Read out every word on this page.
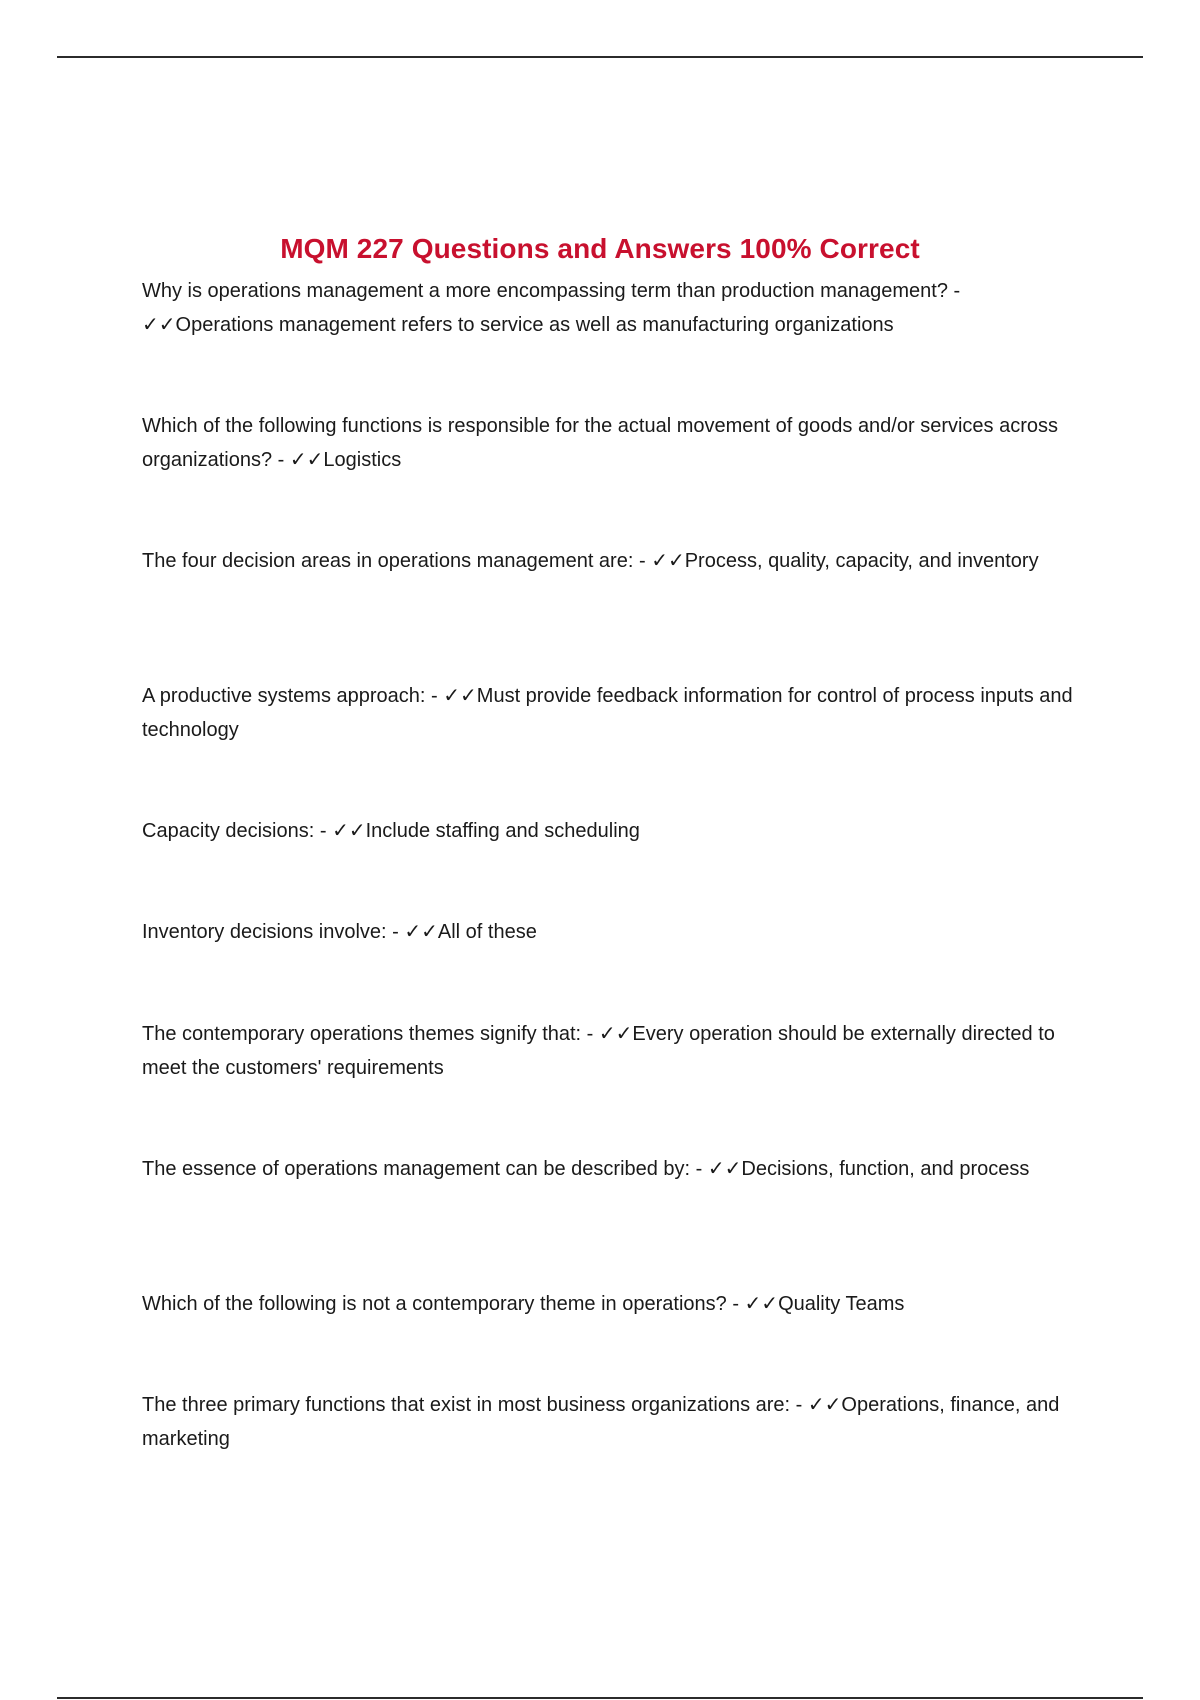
MQM 227 Questions and Answers 100% Correct
Why is operations management a more encompassing term than production management? - ✓✓Operations management refers to service as well as manufacturing organizations
Which of the following functions is responsible for the actual movement of goods and/or services across organizations? - ✓✓Logistics
The four decision areas in operations management are: - ✓✓Process, quality, capacity, and inventory
A productive systems approach: - ✓✓Must provide feedback information for control of process inputs and technology
Capacity decisions: - ✓✓Include staffing and scheduling
Inventory decisions involve: - ✓✓All of these
The contemporary operations themes signify that: - ✓✓Every operation should be externally directed to meet the customers' requirements
The essence of operations management can be described by: - ✓✓Decisions, function, and process
Which of the following is not a contemporary theme in operations? - ✓✓Quality Teams
The three primary functions that exist in most business organizations are: - ✓✓Operations, finance, and marketing
